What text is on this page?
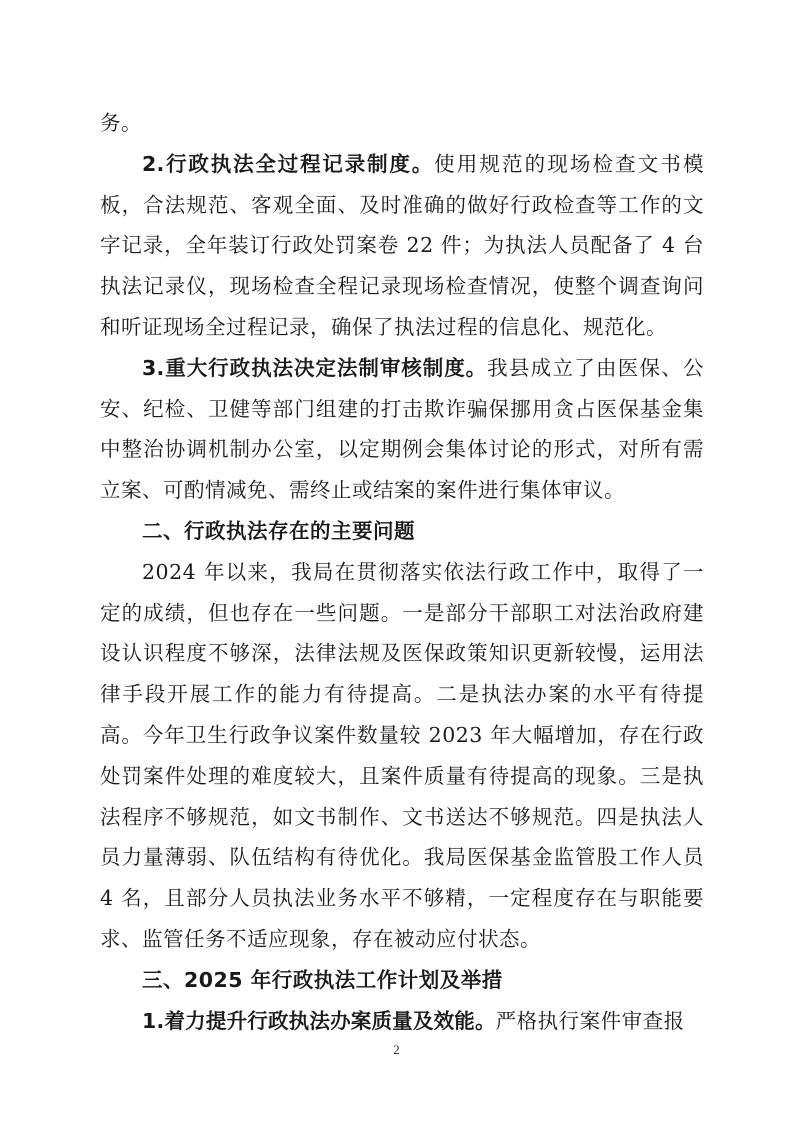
务。

2.行政执法全过程记录制度。使用规范的现场检查文书模板，合法规范、客观全面、及时准确的做好行政检查等工作的文字记录，全年装订行政处罚案卷 22 件；为执法人员配备了 4 台执法记录仪，现场检查全程记录现场检查情况，使整个调查询问和听证现场全过程记录，确保了执法过程的信息化、规范化。

3.重大行政执法决定法制审核制度。我县成立了由医保、公安、纪检、卫健等部门组建的打击欺诈骗保挪用贪占医保基金集中整治协调机制办公室，以定期例会集体讨论的形式，对所有需立案、可酌情减免、需终止或结案的案件进行集体审议。

二、行政执法存在的主要问题

2024 年以来，我局在贯彻落实依法行政工作中，取得了一定的成绩，但也存在一些问题。一是部分干部职工对法治政府建设认识程度不够深，法律法规及医保政策知识更新较慢，运用法律手段开展工作的能力有待提高。二是执法办案的水平有待提高。今年卫生行政争议案件数量较 2023 年大幅增加，存在行政处罚案件处理的难度较大，且案件质量有待提高的现象。三是执法程序不够规范，如文书制作、文书送达不够规范。四是执法人员力量薄弱、队伍结构有待优化。我局医保基金监管股工作人员 4 名，且部分人员执法业务水平不够精，一定程度存在与职能要求、监管任务不适应现象，存在被动应付状态。

三、2025 年行政执法工作计划及举措

1.着力提升行政执法办案质量及效能。严格执行案件审查报

2
